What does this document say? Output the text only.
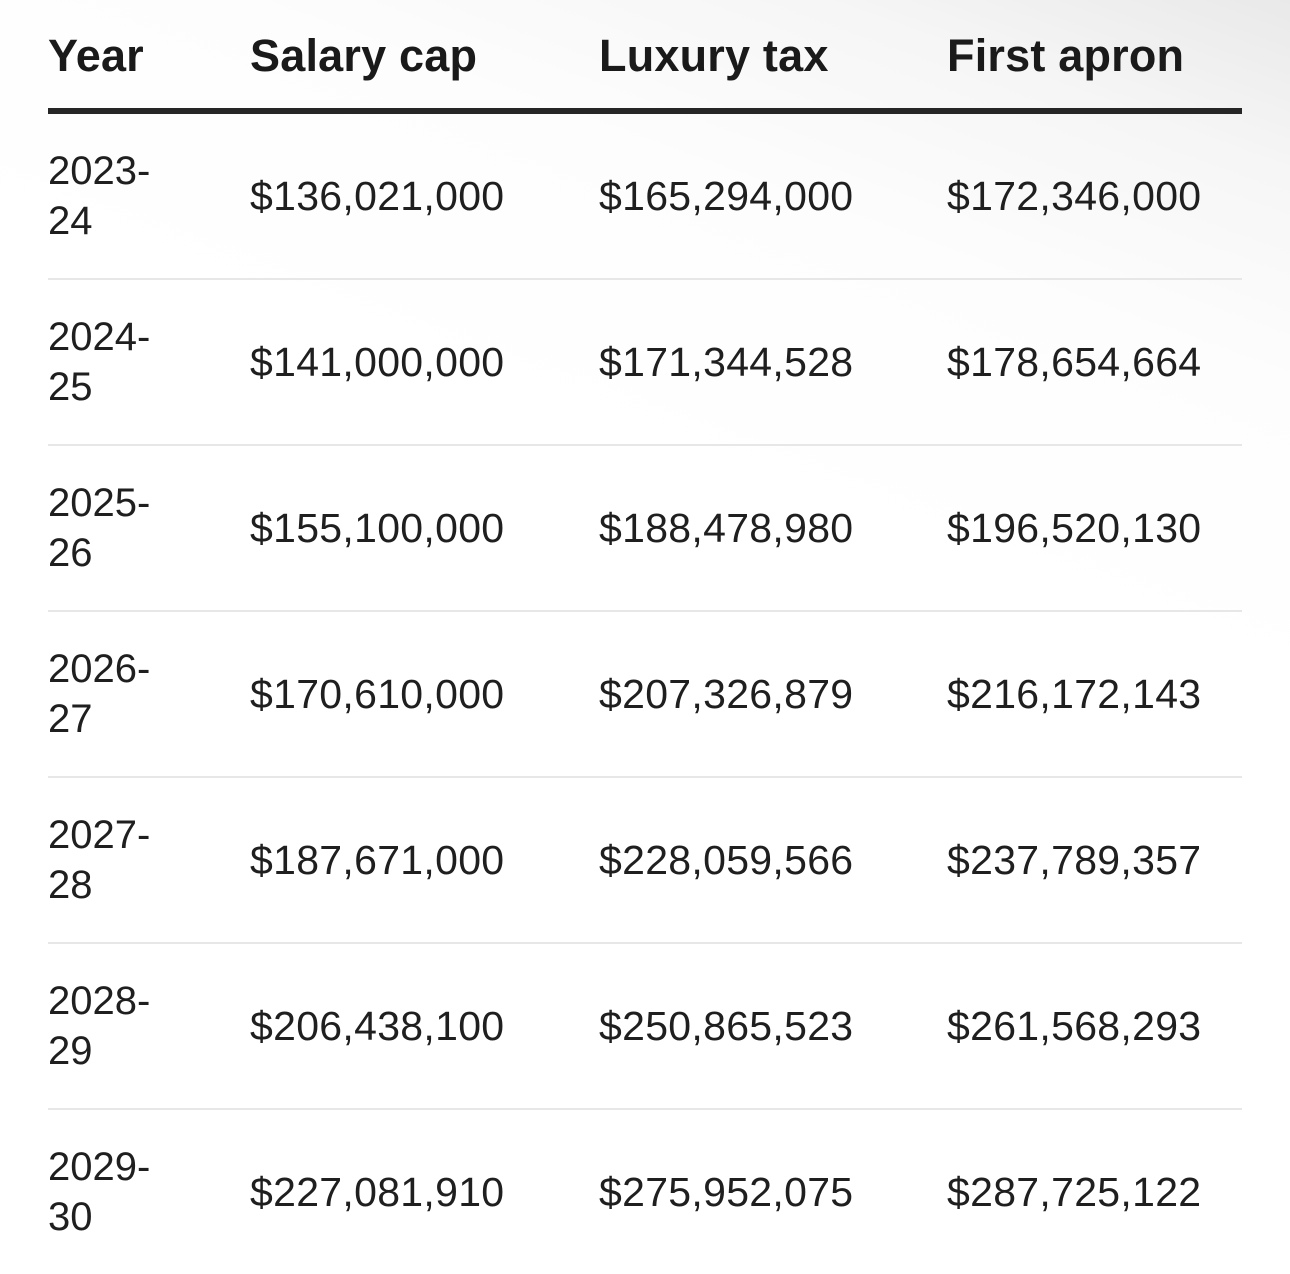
Year	Salary cap	Luxury tax	First apron
2023-
24
$136,021,000	$165,294,000	$172,346,000
2024-
25
$141,000,000	$171,344,528	$178,654,664
2025-
26
$155,100,000	$188,478,980	$196,520,130
2026-
27
$170,610,000	$207,326,879	$216,172,143
2027-
28
$187,671,000	$228,059,566	$237,789,357
2028-
29
$206,438,100	$250,865,523	$261,568,293
2029-
30
$227,081,910	$275,952,075	$287,725,122
